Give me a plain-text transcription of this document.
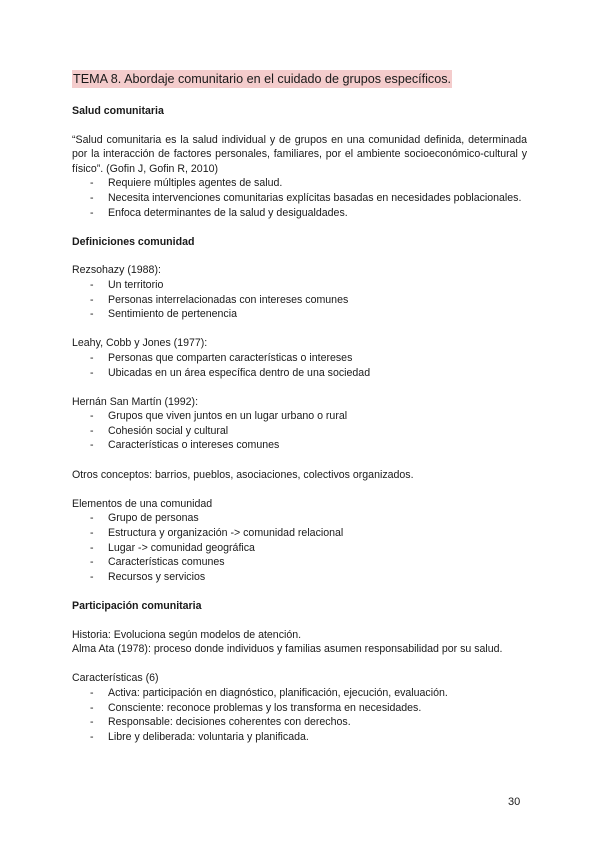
TEMA 8. Abordaje comunitario en el cuidado de grupos específicos.
Salud comunitaria

“Salud comunitaria es la salud individual y de grupos en una comunidad definida, determinada por la interacción de factores personales, familiares, por el ambiente socioeconómico-cultural y físico”. (Gofin J, Gofin R, 2010)

- Requiere múltiples agentes de salud.
- Necesita intervenciones comunitarias explícitas basadas en necesidades poblacionales.
- Enfoca determinantes de la salud y desigualdades.
Definiciones comunidad

Rezsohazy (1988):

- Un territorio
- Personas interrelacionadas con intereses comunes
- Sentimiento de pertenencia

Leahy, Cobb y Jones (1977):

- Personas que comparten características o intereses
- Ubicadas en un área específica dentro de una sociedad

Hernán San Martín (1992):

- Grupos que viven juntos en un lugar urbano o rural
- Cohesión social y cultural
- Características o intereses comunes

Otros conceptos: barrios, pueblos, asociaciones, colectivos organizados.

Elementos de una comunidad

- Grupo de personas
- Estructura y organización -> comunidad relacional
- Lugar -> comunidad geográfica
- Características comunes
- Recursos y servicios
Participación comunitaria

Historia: Evoluciona según modelos de atención.

Alma Ata (1978): proceso donde individuos y familias asumen responsabilidad por su salud.

Características (6)

- Activa: participación en diagnóstico, planificación, ejecución, evaluación.
- Consciente: reconoce problemas y los transforma en necesidades.
- Responsable: decisiones coherentes con derechos.
- Libre y deliberada: voluntaria y planificada.
30
